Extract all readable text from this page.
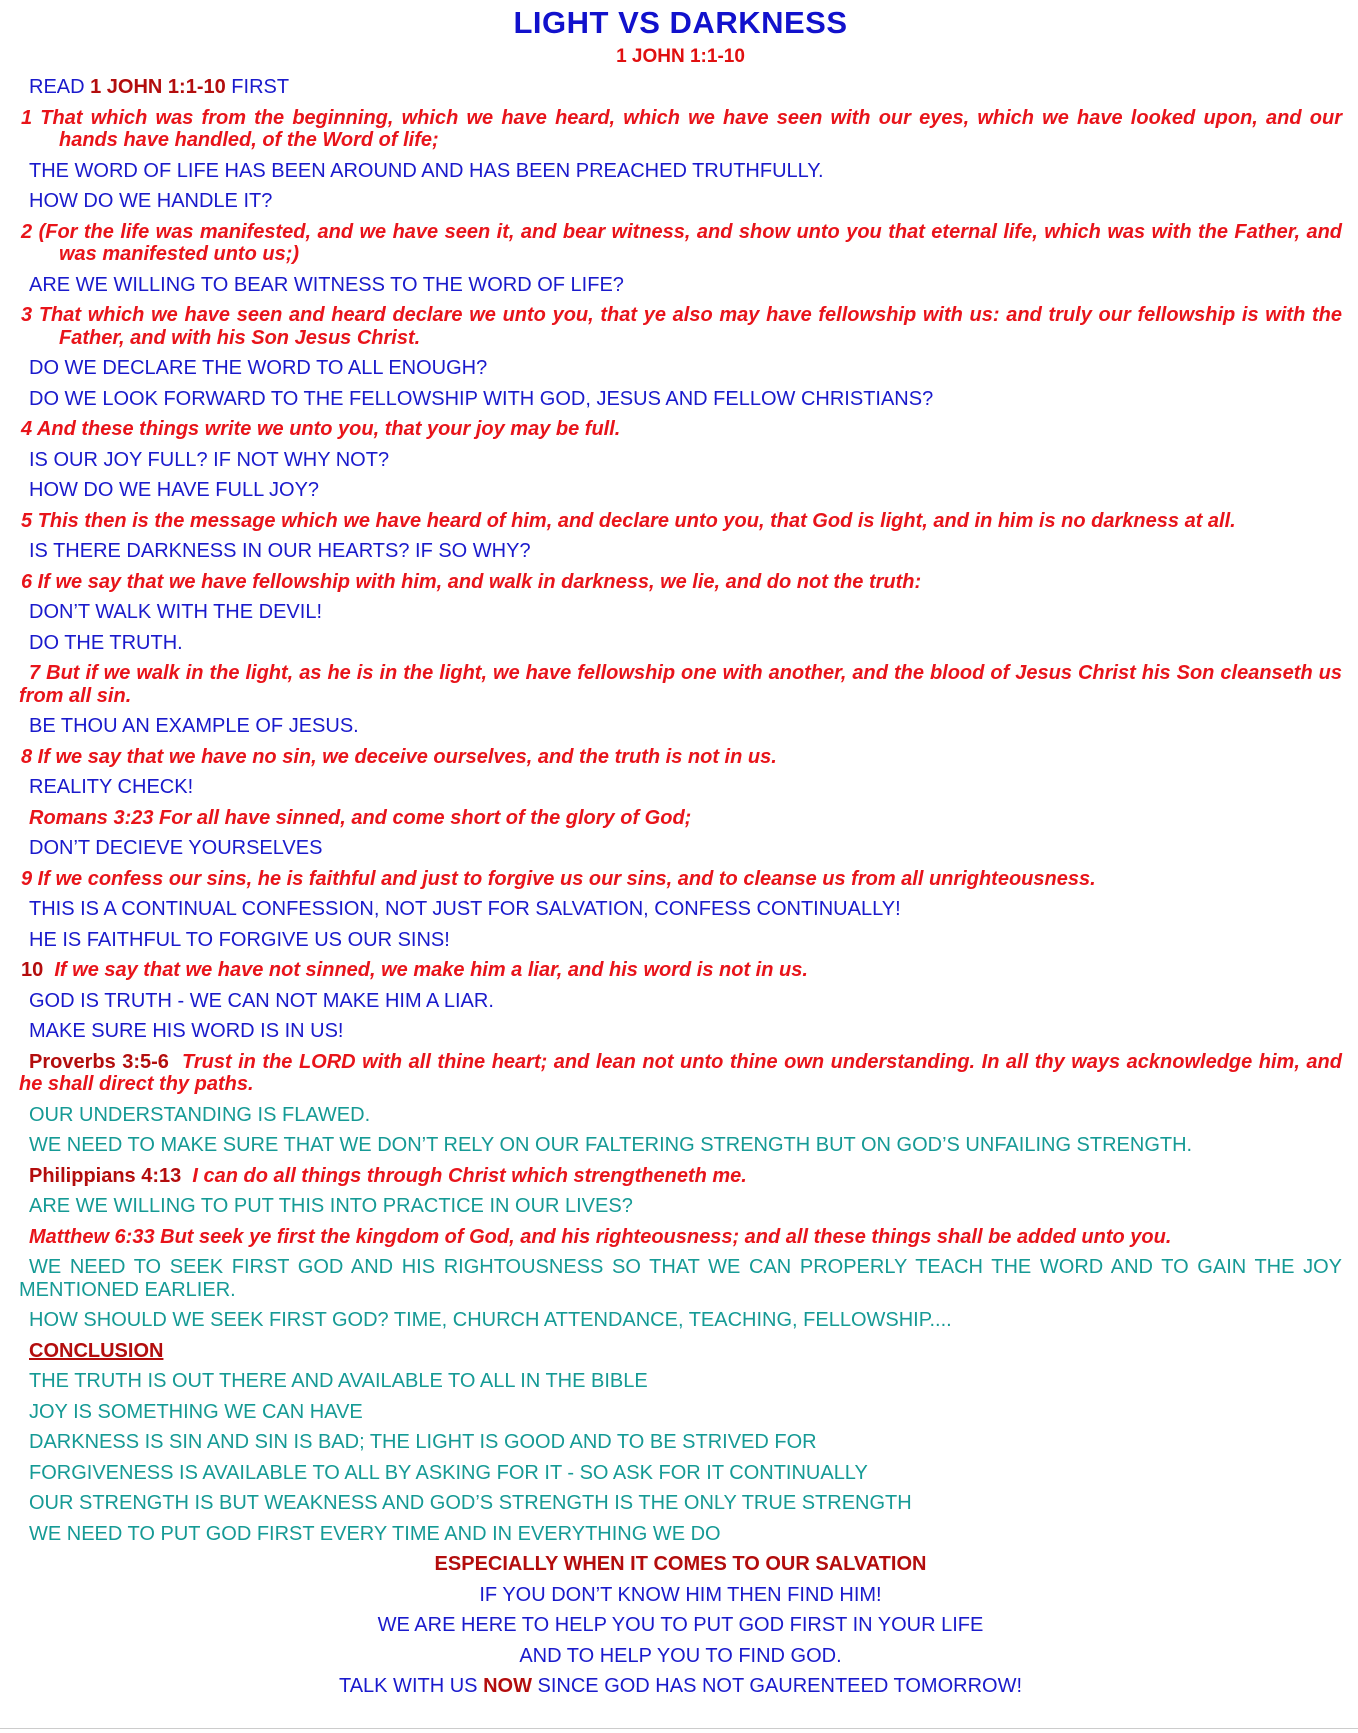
LIGHT VS DARKNESS
1 JOHN 1:1-10

READ 1 JOHN 1:1-10 FIRST

1 That which was from the beginning, which we have heard, which we have seen with our eyes, which we have looked upon, and our hands have handled, of the Word of life;

THE WORD OF LIFE HAS BEEN AROUND AND HAS BEEN PREACHED TRUTHFULLY.

HOW DO WE HANDLE IT?

2 (For the life was manifested, and we have seen it, and bear witness, and show unto you that eternal life, which was with the Father, and was manifested unto us;)

ARE WE WILLING TO BEAR WITNESS TO THE WORD OF LIFE?

3 That which we have seen and heard declare we unto you, that ye also may have fellowship with us: and truly our fellowship is with the Father, and with his Son Jesus Christ.

DO WE DECLARE THE WORD TO ALL ENOUGH?

DO WE LOOK FORWARD TO THE FELLOWSHIP WITH GOD, JESUS AND FELLOW CHRISTIANS?

4 And these things write we unto you, that your joy may be full.

IS OUR JOY FULL? IF NOT WHY NOT?

HOW DO WE HAVE FULL JOY?

5 This then is the message which we have heard of him, and declare unto you, that God is light, and in him is no darkness at all.

IS THERE DARKNESS IN OUR HEARTS? IF SO WHY?

6 If we say that we have fellowship with him, and walk in darkness, we lie, and do not the truth:

DON’T WALK WITH THE DEVIL!

DO THE TRUTH.

7 But if we walk in the light, as he is in the light, we have fellowship one with another, and the blood of Jesus Christ his Son cleanseth us from all sin.

BE THOU AN EXAMPLE OF JESUS.

8 If we say that we have no sin, we deceive ourselves, and the truth is not in us.

REALITY CHECK!

Romans 3:23 For all have sinned, and come short of the glory of God;

DON’T DECIEVE YOURSELVES

9 If we confess our sins, he is faithful and just to forgive us our sins, and to cleanse us from all unrighteousness.

THIS IS A CONTINUAL CONFESSION, NOT JUST FOR SALVATION, CONFESS CONTINUALLY!

HE IS FAITHFUL TO FORGIVE US OUR SINS!

10 If we say that we have not sinned, we make him a liar, and his word is not in us.

GOD IS TRUTH - WE CAN NOT MAKE HIM A LIAR.

MAKE SURE HIS WORD IS IN US!

Proverbs 3:5-6 Trust in the LORD with all thine heart; and lean not unto thine own understanding. In all thy ways acknowledge him, and he shall direct thy paths.

OUR UNDERSTANDING IS FLAWED.

WE NEED TO MAKE SURE THAT WE DON’T RELY ON OUR FALTERING STRENGTH BUT ON GOD’S UNFAILING STRENGTH.

Philippians 4:13 I can do all things through Christ which strengtheneth me.

ARE WE WILLING TO PUT THIS INTO PRACTICE IN OUR LIVES?

Matthew 6:33 But seek ye first the kingdom of God, and his righteousness; and all these things shall be added unto you.

WE NEED TO SEEK FIRST GOD AND HIS RIGHTOUSNESS SO THAT WE CAN PROPERLY TEACH THE WORD AND TO GAIN THE JOY MENTIONED EARLIER.

HOW SHOULD WE SEEK FIRST GOD? TIME, CHURCH ATTENDANCE, TEACHING, FELLOWSHIP....

CONCLUSION

THE TRUTH IS OUT THERE AND AVAILABLE TO ALL IN THE BIBLE

JOY IS SOMETHING WE CAN HAVE

DARKNESS IS SIN AND SIN IS BAD; THE LIGHT IS GOOD AND TO BE STRIVED FOR

FORGIVENESS IS AVAILABLE TO ALL BY ASKING FOR IT - SO ASK FOR IT CONTINUALLY

OUR STRENGTH IS BUT WEAKNESS AND GOD’S STRENGTH IS THE ONLY TRUE STRENGTH

WE NEED TO PUT GOD FIRST EVERY TIME AND IN EVERYTHING WE DO

ESPECIALLY WHEN IT COMES TO OUR SALVATION

IF YOU DON’T KNOW HIM THEN FIND HIM!

WE ARE HERE TO HELP YOU TO PUT GOD FIRST IN YOUR LIFE

AND TO HELP YOU TO FIND GOD.

TALK WITH US NOW SINCE GOD HAS NOT GAURENTEED TOMORROW!
